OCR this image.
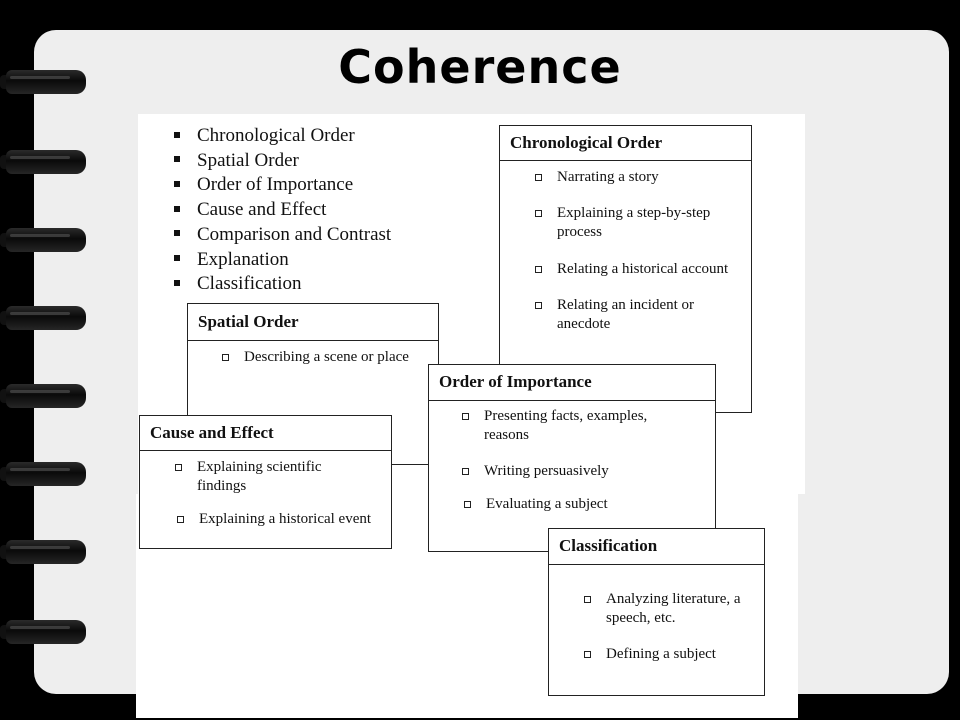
Coherence
Chronological Order
Spatial Order
Order of Importance
Cause and Effect
Comparison and Contrast
Explanation
Classification
Chronological Order
Narrating a story
Explaining a step-by-step process
Relating a historical account
Relating an incident or anecdote
Spatial Order
Describing a scene or place
Order of Importance
Presenting facts, examples, reasons
Writing persuasively
Evaluating a subject
Cause and Effect
Explaining scientific findings
Explaining a historical event
Classification
Analyzing literature, a speech, etc.
Defining a subject
